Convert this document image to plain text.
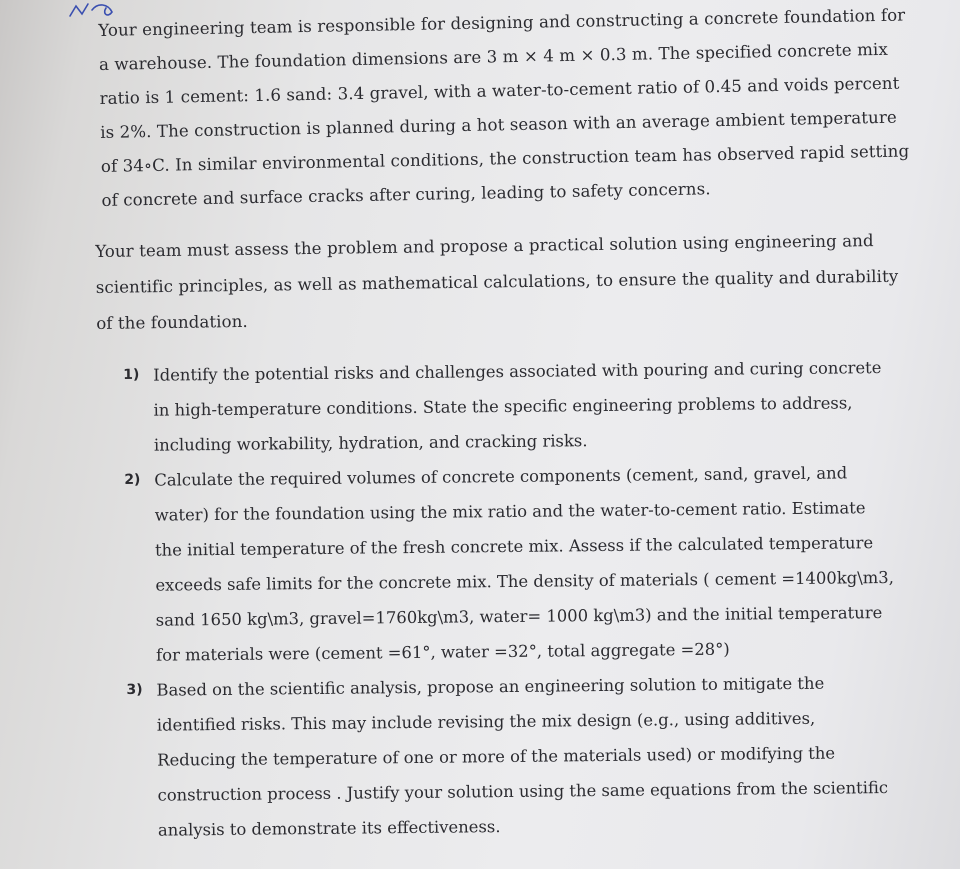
Your engineering team is responsible for designing and constructing a concrete foundation for
a warehouse. The foundation dimensions are 3 m × 4 m × 0.3 m. The specified concrete mix
ratio is 1 cement: 1.6 sand: 3.4 gravel, with a water-to-cement ratio of 0.45 and voids percent
is 2%. The construction is planned during a hot season with an average ambient temperature
of 34∘C. In similar environmental conditions, the construction team has observed rapid setting
of concrete and surface cracks after curing, leading to safety concerns.
Your team must assess the problem and propose a practical solution using engineering and
scientific principles, as well as mathematical calculations, to ensure the quality and durability
of the foundation.
1) Identify the potential risks and challenges associated with pouring and curing concrete
in high-temperature conditions. State the specific engineering problems to address,
including workability, hydration, and cracking risks.
2) Calculate the required volumes of concrete components (cement, sand, gravel, and
water) for the foundation using the mix ratio and the water-to-cement ratio. Estimate
the initial temperature of the fresh concrete mix. Assess if the calculated temperature
exceeds safe limits for the concrete mix. The density of materials ( cement =1400kg\m3,
sand 1650 kg\m3, gravel=1760kg\m3, water= 1000 kg\m3) and the initial temperature
for materials were (cement =61°, water =32°, total aggregate =28°)
3) Based on the scientific analysis, propose an engineering solution to mitigate the
identified risks. This may include revising the mix design (e.g., using additives,
Reducing the temperature of one or more of the materials used) or modifying the
construction process . Justify your solution using the same equations from the scientific
analysis to demonstrate its effectiveness.
